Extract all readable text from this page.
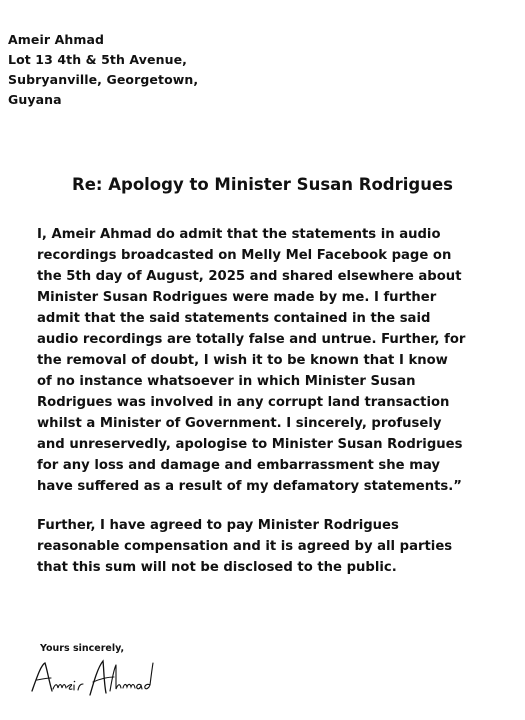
Ameir Ahmad
Lot 13 4th & 5th Avenue,
Subryanville, Georgetown,
Guyana
Re: Apology to Minister Susan Rodrigues
I, Ameir Ahmad do admit that the statements in audio
recordings broadcasted on Melly Mel Facebook page on
the 5th day of August, 2025 and shared elsewhere about
Minister Susan Rodrigues were made by me. I further
admit that the said statements contained in the said
audio recordings are totally false and untrue. Further, for
the removal of doubt, I wish it to be known that I know
of no instance whatsoever in which Minister Susan
Rodrigues was involved in any corrupt land transaction
whilst a Minister of Government. I sincerely, profusely
and unreservedly, apologise to Minister Susan Rodrigues
for any loss and damage and embarrassment she may
have suffered as a result of my defamatory statements.”
Further, I have agreed to pay Minister Rodrigues
reasonable compensation and it is agreed by all parties
that this sum will not be disclosed to the public.
Yours sincerely,
